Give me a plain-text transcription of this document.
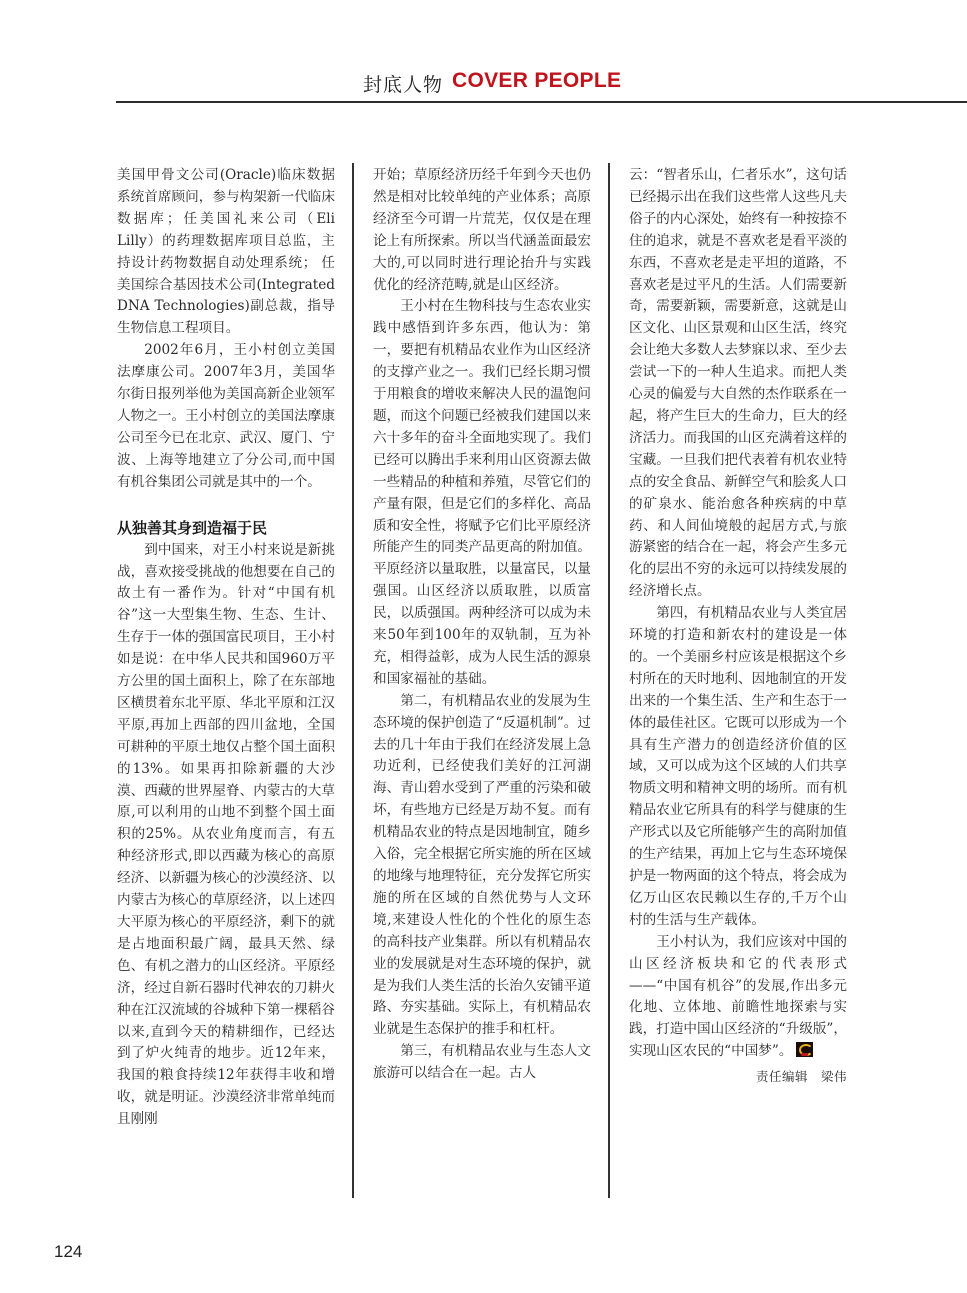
封底人物 COVER PEOPLE

美国甲骨文公司(Oracle)临床数据系统首席顾问，参与构架新一代临床数据库；任美国礼来公司（Eli Lilly）的药理数据库项目总监，主持设计药物数据自动处理系统； 任美国综合基因技术公司(Integrated DNA Technologies)副总裁，指导生物信息工程项目。

2002年6月，王小村创立美国法摩康公司。2007年3月，美国华尔街日报列举他为美国高新企业领军人物之一。王小村创立的美国法摩康公司至今已在北京、武汉、厦门、宁波、上海等地建立了分公司,而中国有机谷集团公司就是其中的一个。

从独善其身到造福于民

到中国来，对王小村来说是新挑战，喜欢接受挑战的他想要在自己的故土有一番作为。针对“中国有机谷”这一大型集生物、生态、生计、生存于一体的强国富民项目，王小村如是说：在中华人民共和国960万平方公里的国土面积上，除了在东部地区横贯着东北平原、华北平原和江汉平原,再加上西部的四川盆地，全国可耕种的平原土地仅占整个国土面积的13%。如果再扣除新疆的大沙漠、西藏的世界屋脊、内蒙古的大草原,可以利用的山地不到整个国土面积的25%。从农业角度而言，有五种经济形式,即以西藏为核心的高原经济、以新疆为核心的沙漠经济、以内蒙古为核心的草原经济，以上述四大平原为核心的平原经济，剩下的就是占地面积最广阔，最具天然、绿色、有机之潜力的山区经济。平原经济，经过自新石器时代神农的刀耕火种在江汉流域的谷城种下第一棵稻谷以来,直到今天的精耕细作，已经达到了炉火纯青的地步。近12年来，我国的粮食持续12年获得丰收和增收，就是明证。沙漠经济非常单纯而且刚刚

开始；草原经济历经千年到今天也仍然是相对比较单纯的产业体系；高原经济至今可谓一片荒芜，仅仅是在理论上有所探索。所以当代涵盖面最宏大的,可以同时进行理论抬升与实践优化的经济范畴,就是山区经济。

王小村在生物科技与生态农业实践中感悟到许多东西，他认为：第一，要把有机精品农业作为山区经济的支撑产业之一。我们已经长期习惯于用粮食的增收来解决人民的温饱问题，而这个问题已经被我们建国以来六十多年的奋斗全面地实现了。我们已经可以腾出手来利用山区资源去做一些精品的种植和养殖，尽管它们的产量有限，但是它们的多样化、高品质和安全性，将赋予它们比平原经济所能产生的同类产品更高的附加值。平原经济以量取胜，以量富民，以量强国。山区经济以质取胜，以质富民，以质强国。两种经济可以成为未来50年到100年的双轨制，互为补充，相得益彰，成为人民生活的源泉和国家福祉的基础。

第二，有机精品农业的发展为生态环境的保护创造了“反逼机制”。过去的几十年由于我们在经济发展上急功近利，已经使我们美好的江河湖海、青山碧水受到了严重的污染和破坏，有些地方已经是万劫不复。而有机精品农业的特点是因地制宜，随乡入俗，完全根据它所实施的所在区域的地缘与地理特征，充分发挥它所实施的所在区域的自然优势与人文环境,来建设人性化的个性化的原生态的高科技产业集群。所以有机精品农业的发展就是对生态环境的保护，就是为我们人类生活的长治久安铺平道路、夯实基础。实际上，有机精品农业就是生态保护的推手和杠杆。

第三，有机精品农业与生态人文旅游可以结合在一起。古人

云：“智者乐山，仁者乐水”，这句话已经揭示出在我们这些常人这些凡夫俗子的内心深处，始终有一种按捺不住的追求，就是不喜欢老是看平淡的东西，不喜欢老是走平坦的道路，不喜欢老是过平凡的生活。人们需要新奇，需要新颖，需要新意，这就是山区文化、山区景观和山区生活，终究会让绝大多数人去梦寐以求、至少去尝试一下的一种人生追求。而把人类心灵的偏爱与大自然的杰作联系在一起，将产生巨大的生命力，巨大的经济活力。而我国的山区充满着这样的宝藏。一旦我们把代表着有机农业特点的安全食品、新鲜空气和脍炙人口的矿泉水、能治愈各种疾病的中草药、和人间仙境般的起居方式,与旅游紧密的结合在一起，将会产生多元化的层出不穷的永远可以持续发展的经济增长点。

第四，有机精品农业与人类宜居环境的打造和新农村的建设是一体的。一个美丽乡村应该是根据这个乡村所在的天时地利、因地制宜的开发出来的一个集生活、生产和生态于一体的最佳社区。它既可以形成为一个具有生产潜力的创造经济价值的区域，又可以成为这个区域的人们共享物质文明和精神文明的场所。而有机精品农业它所具有的科学与健康的生产形式以及它所能够产生的高附加值的生产结果，再加上它与生态环境保护是一物两面的这个特点，将会成为亿万山区农民赖以生存的,千万个山村的生活与生产载体。

王小村认为，我们应该对中国的山区经济板块和它的代表形式——“中国有机谷”的发展,作出多元化地、立体地、前瞻性地探索与实践，打造中国山区经济的“升级版”，实现山区农民的“中国梦”。

责任编辑　梁伟

124
